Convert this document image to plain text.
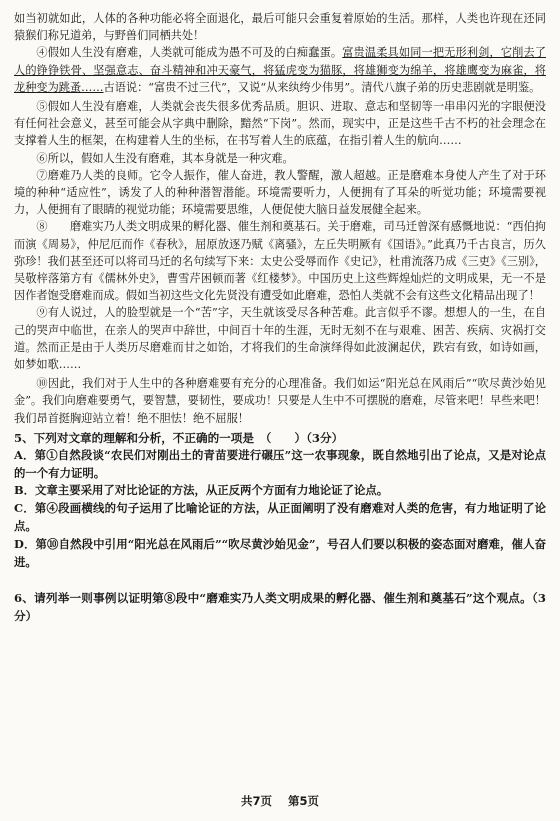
如当初就如此，人体的各种功能必将全面退化，最后可能只会重复着原始的生活。那样，人类也许现在还同猿猴们称兄道弟，与野兽们同栖共处！

④假如人生没有磨难，人类就可能成为愚不可及的白痴蠢蛋。富贵温柔具如同一把无形利剑，它削去了人的铮铮铁骨、坚强意志、奋斗精神和冲天豪气，将猛虎变为猫豚，将雄狮变为绵羊，将雄鹰变为麻雀，将龙种变为跳蚤……古语说：“富贵不过三代”，又说“从来纨绔少伟男”。清代八旗子弟的历史悲剧就是明鉴。

⑤假如人生没有磨难，人类就会丧失很多优秀品质。胆识、进取、意志和坚韧等一串串闪光的字眼便没有任何社会意义，甚至可能会从字典中删除，黯然“下岗”。然而，现实中，正是这些千古不朽的社会理念在支撑着人生的框架，在构建着人生的坐标，在书写着人生的底蕴，在指引着人生的航向……

⑥所以，假如人生没有磨难，其本身就是一种灾难。

⑦磨难乃人类的良师。它令人振作，催人奋进，教人警醒，激人超越。正是磨难本身使人产生了对于环境的种种“适应性”，诱发了人的种种潜智潜能。环境需要听力，人便拥有了耳朵的听觉功能；环境需要视力，人便拥有了眼睛的视觉功能；环境需要思维，人便促使大脑日益发展健全起来。

⑧　　磨难实乃人类文明成果的孵化器、催生剂和奠基石。关于磨难，司马迁曾深有感慨地说：“西伯拘而演《周易》，仲尼厄而作《春秋》，屈原放逐乃赋《离骚》，左丘失明厥有《国语》。”此真乃千古良言，历久弥珍！我们甚至还可以将司马迁的名句续写下来：太史公受辱而作《史记》，杜甫流落乃成《三吏》《三别》，吴敬梓落第方有《儒林外史》，曹雪芹困顿而著《红楼梦》。中国历史上这些辉煌灿烂的文明成果，无一不是因作者饱受磨难而成。假如当初这些文化先贤没有遭受如此磨难，恐怕人类就不会有这些文化精品出现了！

⑨有人说过，人的脸型就是一个“苦”字，天生就该受尽各种苦难。此言似乎不谬。想想人的一生，在自己的哭声中临世，在亲人的哭声中辞世，中间百十年的生涯，无时无刻不在与艰难、困苦、疾病、灾祸打交道。然而正是由于人类历尽磨难而甘之如饴，才将我们的生命演绎得如此波澜起伏，跌宕有致，如诗如画，如梦如歌……

⑩因此，我们对于人生中的各种磨难要有充分的心理准备。我们如运“阳光总在风雨后”“吹尽黄沙始见金”。我们向磨难要勇气，要智慧，要韧性，要成功！只要是人生中不可摆脱的磨难，尽管来吧！早些来吧！我们昂首挺胸迎站立着！绝不胆怯！绝不屈服！

5、下列对文章的理解和分析，不正确的一项是　（　　）（3分）

A．第①自然段谈“农民们对刚出土的青苗要进行碾压”这一农事现象，既自然地引出了论点，又是对论点的一个有力证明。

B．文章主要采用了对比论证的方法，从正反两个方面有力地论证了论点。

C．第④段画横线的句子运用了比喻论证的方法，从正面阐明了没有磨难对人类的危害，有力地证明了论点。

D．第⑩自然段中引用“阳光总在风雨后”“吹尽黄沙始见金”，号召人们要以积极的姿态面对磨难，催人奋进。

6、请列举一则事例以证明第⑧段中“磨难实乃人类文明成果的孵化器、催生剂和奠基石”这个观点。（3分）

共7页 第5页
